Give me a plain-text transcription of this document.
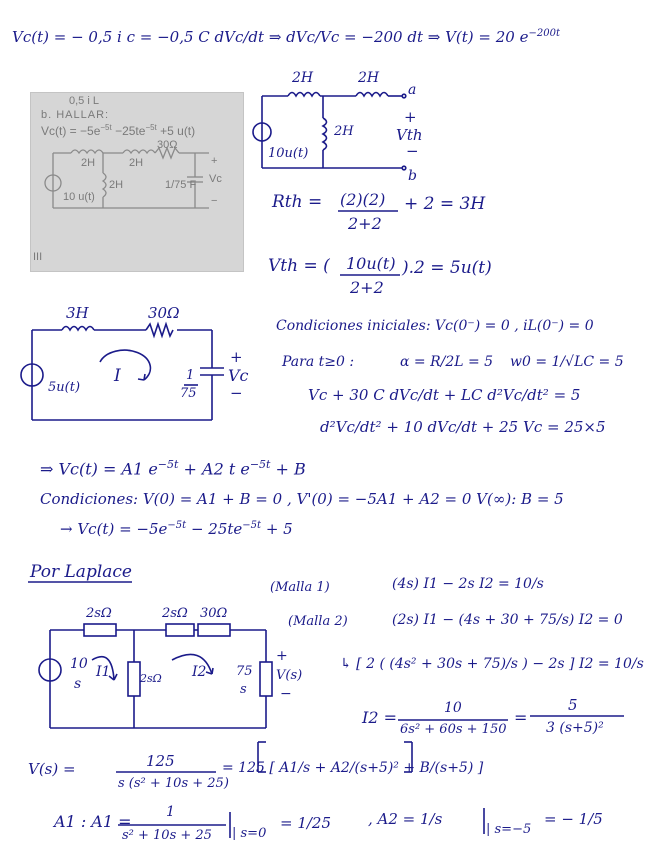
Vc(t) = − 0,5 i c = −0,5 C dVc/dt ⇒ dVc/Vc = −200 dt ⇒ V(t) = 20 $e^{-200t}$
0,5 i L
b. HALLAR:
$Vc(t) = -5e^{-5t} -25te^{-5t} +5$ u(t)
2H	2H
30Ω
2H	1/75 F
10 u(t)
Vc
+
−
III
2H	2H
2H
10u(t)
a
b
+
Vth
−
Rth = (2)(2)
2+2
+ 2 = 3H
Vth = ( 10u(t)
2+2
).2 = 5u(t)
3H	30Ω
5u(t)
I	1
75
+
Vc
−
Condiciones iniciales: Vc(0⁻) = 0 , iL(0⁻) = 0
Para t≥0 :	α = R/2L = 5 w0 = 1/√LC = 5
Vc + 30 C dVc/dt + LC d²Vc/dt² = 5
d²Vc/dt² + 10 dVc/dt + 25 Vc = 25×5
⇒ Vc(t) = A1 $e^{-5t} + A2$ t $e^{-5t} + B$
Condiciones: V(0) = A1 + B = 0 , V'(0) = −5A1 + A2 = 0 V(∞): B = 5
→ $Vc(t) = -5e^{-5t} - 25te^{-5t} + 5$
Por Laplace
(Malla 1)	(4s) I1 − 2s I2 = 10/s
(Malla 2)	(2s) I1 − (4s + 30 + 75/s) I2 = 0
↳ [ 2 ( (4s² + 30s + 75)/s ) − 2s ] I2 = 10/s
I2 =	10
6s² + 60s + 150
=
5
3 (s+5)²
2sΩ	2sΩ 30Ω
2sΩ
10
s
I1	I2 75
s
+
V(s)
−
V(s) =	125
s (s² + 10s + 25)
= 125 [ A1/s + A2/(s+5)² + B/(s+5) ]
A1 : A1 = 1
s² + 10s + 25 | s=0
= 1/25 , A2 = 1/s
| s=−5
= − 1/5
